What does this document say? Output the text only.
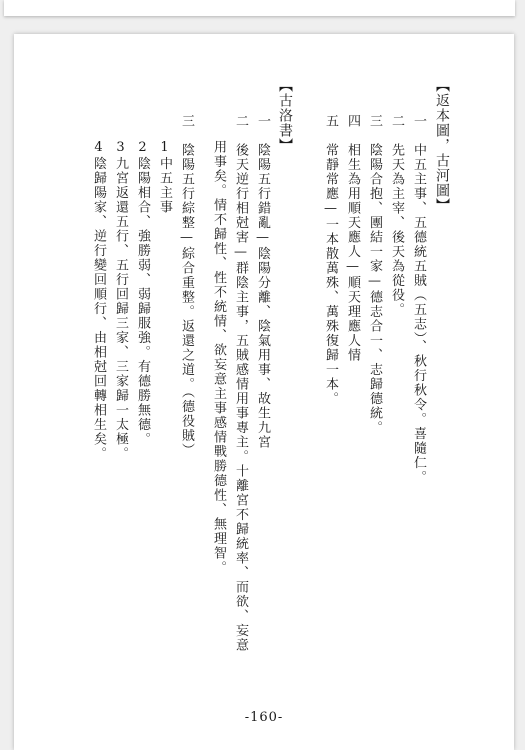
【返本圖，古河圖】
一　中五主事、五德統五賊（五志）、秋行秋令。喜隨仁。
二　先天為主宰、後天為從役。
三　陰陽合抱、團結一家—德志合一、志歸德統。
四　相生為用順天應人—順天理應人情
五　常靜常應—一本散萬殊、萬殊復歸一本。
【古洛書】
一　陰陽五行錯亂—陰陽分離、陰氣用事、故生九宮
二　後天逆行相尅害—群陰主事，五賊感情用事專主。十離宮不歸統率、而欲、妄意
用事矣。情不歸性、性不統情、欲妄意主事感情戰勝德性、無理智。
三　陰陽五行綜整—綜合重整。返還之道。（德役賊）
1中五主事
2陰陽相合、強勝弱、弱歸服強。有德勝無德。
3九宮返還五行、五行回歸三家、三家歸一太極。
4陰歸陽家、逆行變回順行、由相尅回轉相生矣。
-160-
